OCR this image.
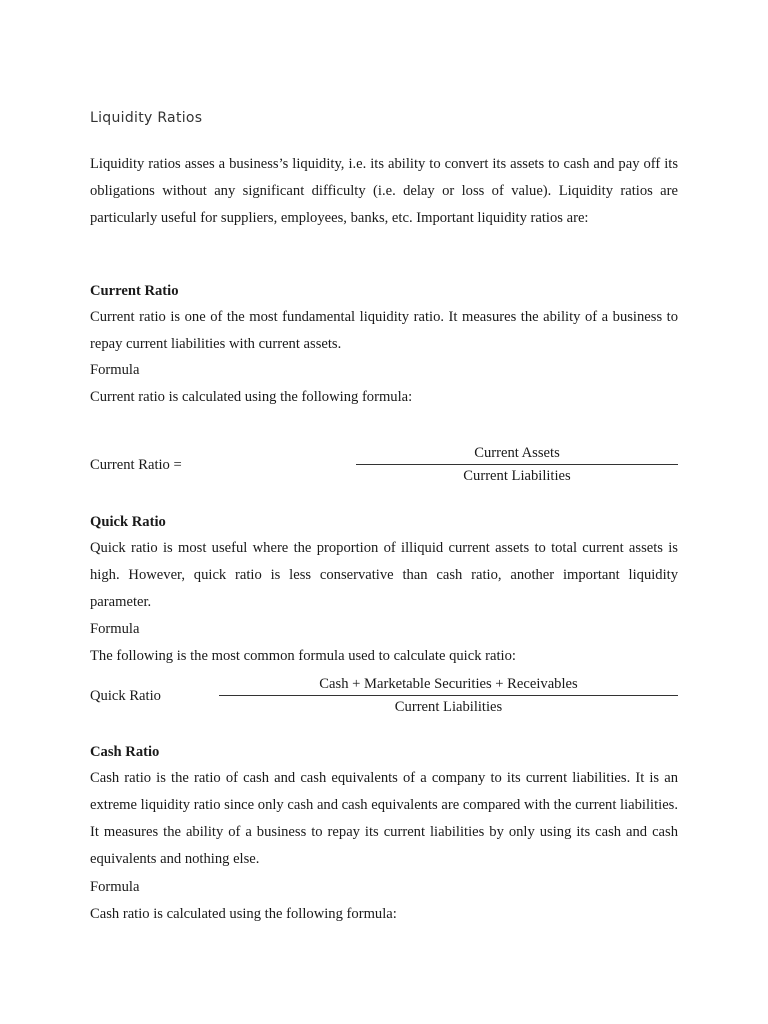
Liquidity Ratios

Liquidity ratios asses a business’s liquidity, i.e. its ability to convert its assets to cash and pay off its obligations without any significant difficulty (i.e. delay or loss of value). Liquidity ratios are particularly useful for suppliers, employees, banks, etc. Important liquidity ratios are:

Current Ratio

Current ratio is one of the most fundamental liquidity ratio. It measures the ability of a business to repay current liabilities with current assets.

Formula

Current ratio is calculated using the following formula:

Current Ratio =
Current Assets
Current Liabilities

Quick Ratio

Quick ratio is most useful where the proportion of illiquid current assets to total current assets is high. However, quick ratio is less conservative than cash ratio, another important liquidity parameter.

Formula

The following is the most common formula used to calculate quick ratio:

Quick Ratio
Cash + Marketable Securities + Receivables
Current Liabilities

Cash Ratio

Cash ratio is the ratio of cash and cash equivalents of a company to its current liabilities. It is an extreme liquidity ratio since only cash and cash equivalents are compared with the current liabilities. It measures the ability of a business to repay its current liabilities by only using its cash and cash equivalents and nothing else.

Formula

Cash ratio is calculated using the following formula:
